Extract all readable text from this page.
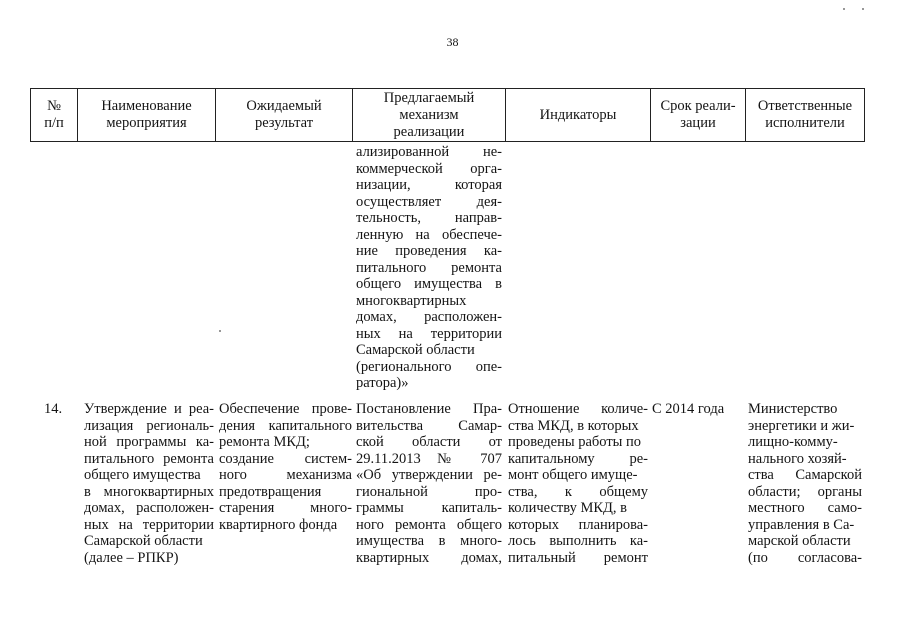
38
№
п/п
Наименование
мероприятия
Ожидаемый
результат
Предлагаемый
механизм
реализации
Индикаторы
Срок реали-
зации
Ответственные
исполнители
ализированной не-
коммерческой орга-
низации, которая
осуществляет дея-
тельность, направ-
ленную на обеспече-
ние проведения ка-
питального ремонта
общего имущества в
многоквартирных
домах, расположен-
ных на территории
Самарской области
(регионального опе-
ратора)»
14.	Утверждение и реа-
лизация региональ-
ной программы ка-
питального ремонта
общего имущества
в многоквартирных
домах, расположен-
ных на территории
Самарской области
(далее – РПКР)
Обеспечение прове-
дения капитального
ремонта МКД;
создание систем-
ного механизма
предотвращения
старения много-
квартирного фонда
Постановление Пра-
вительства Самар-
ской области от
29.11.2013 № 707
«Об утверждении ре-
гиональной про-
граммы капиталь-
ного ремонта общего
имущества в много-
квартирных домах,
Отношение количе-
ства МКД, в которых
проведены работы по
капитальному ре-
монт общего имуще-
ства, к общему
количеству МКД, в
которых планирова-
лось выполнить ка-
питальный ремонт
С 2014 года	Министерство
энергетики и жи-
лищно-комму-
нального хозяй-
ства Самарской
области; органы
местного само-
управления в Са-
марской области
(по согласова-
